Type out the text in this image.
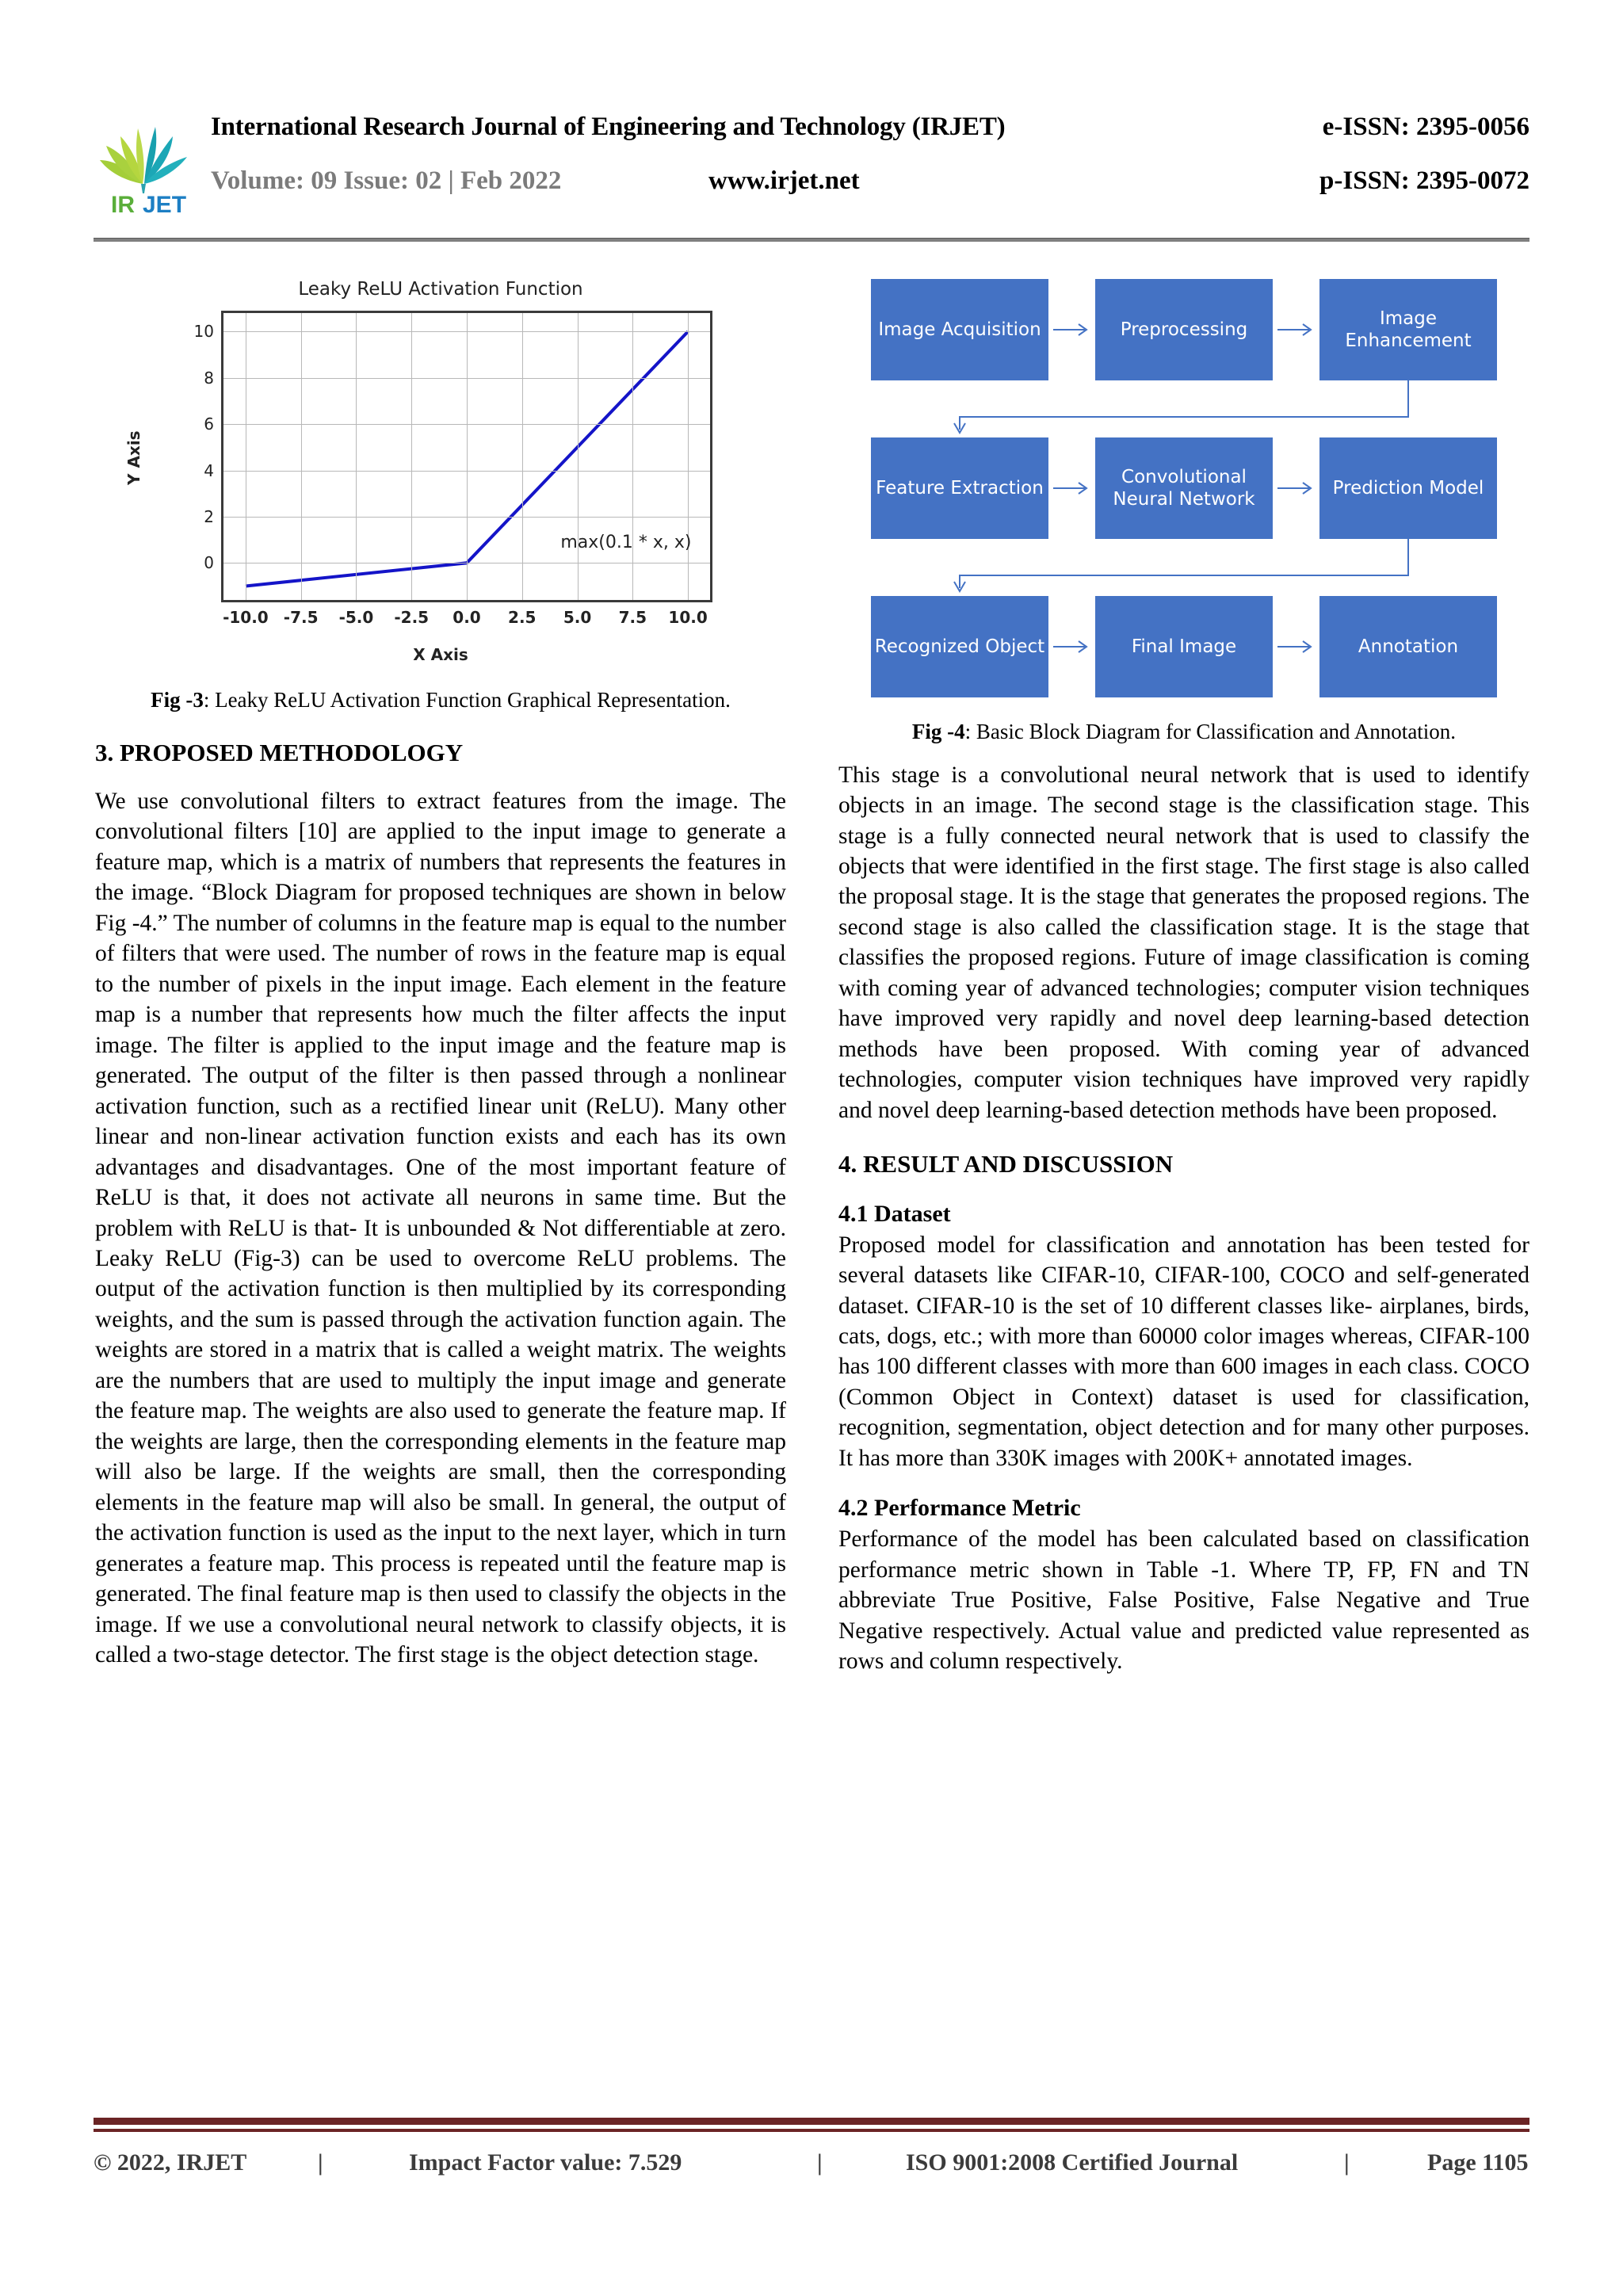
IR JET
International Research Journal of Engineering and Technology (IRJET)	e-ISSN: 2395-0056
Volume: 09 Issue: 02 | Feb 2022	www.irjet.net	p-ISSN: 2395-0072
Leaky ReLU Activation Function
Y Axis
X Axis
0
2
4
6
8
10
-10.0 -7.5 -5.0 -2.5 0.0 2.5 5.0 7.5 10.0
max(0.1 * x, x)
Fig -3: Leaky ReLU Activation Function Graphical Representation.
3. PROPOSED METHODOLOGY

We use convolutional filters to extract features from the image. The convolutional filters [10] are applied to the input image to generate a feature map, which is a matrix of numbers that represents the features in the image. “Block Diagram for proposed techniques are shown in below Fig -4.” The number of columns in the feature map is equal to the number of filters that were used. The number of rows in the feature map is equal to the number of pixels in the input image. Each element in the feature map is a number that represents how much the filter affects the input image. The filter is applied to the input image and the feature map is generated. The output of the filter is then passed through a nonlinear activation function, such as a rectified linear unit (ReLU). Many other linear and non-linear activation function exists and each has its own advantages and disadvantages. One of the most important feature of ReLU is that, it does not activate all neurons in same time. But the problem with ReLU is that- It is unbounded & Not differentiable at zero. Leaky ReLU (Fig-3) can be used to overcome ReLU problems. The output of the activation function is then multiplied by its corresponding weights, and the sum is passed through the activation function again. The weights are stored in a matrix that is called a weight matrix. The weights are the numbers that are used to multiply the input image and generate the feature map. The weights are also used to generate the feature map. If the weights are large, then the corresponding elements in the feature map will also be large. If the weights are small, then the corresponding elements in the feature map will also be small. In general, the output of the activation function is used as the input to the next layer, which in turn generates a feature map. This process is repeated until the feature map is generated. The final feature map is then used to classify the objects in the image. If we use a convolutional neural network to classify objects, it is called a two-stage detector. The first stage is the object detection stage.

Image Acquisition	Preprocessing
Image Enhancement
Feature Extraction
Convolutional Neural Network
Prediction Model
Recognized Object	Final Image	Annotation
Fig -4: Basic Block Diagram for Classification and Annotation.

This stage is a convolutional neural network that is used to identify objects in an image. The second stage is the classification stage. This stage is a fully connected neural network that is used to classify the objects that were identified in the first stage. The first stage is also called the proposal stage. It is the stage that generates the proposed regions. The second stage is also called the classification stage. It is the stage that classifies the proposed regions. Future of image classification is coming with coming year of advanced technologies; computer vision techniques have improved very rapidly and novel deep learning-based detection methods have been proposed. With coming year of advanced technologies, computer vision techniques have improved very rapidly and novel deep learning-based detection methods have been proposed.

4. RESULT AND DISCUSSION
4.1 Dataset

Proposed model for classification and annotation has been tested for several datasets like CIFAR-10, CIFAR-100, COCO and self-generated dataset. CIFAR-10 is the set of 10 different classes like- airplanes, birds, cats, dogs, etc.; with more than 60000 color images whereas, CIFAR-100 has 100 different classes with more than 600 images in each class. COCO (Common Object in Context) dataset is used for classification, recognition, segmentation, object detection and for many other purposes. It has more than 330K images with 200K+ annotated images.

4.2 Performance Metric

Performance of the model has been calculated based on classification performance metric shown in Table -1. Where TP, FP, FN and TN abbreviate True Positive, False Positive, False Negative and True Negative respectively. Actual value and predicted value represented as rows and column respectively.

© 2022, IRJET	|	Impact Factor value: 7.529	|	ISO 9001:2008 Certified Journal	|	Page 1105
